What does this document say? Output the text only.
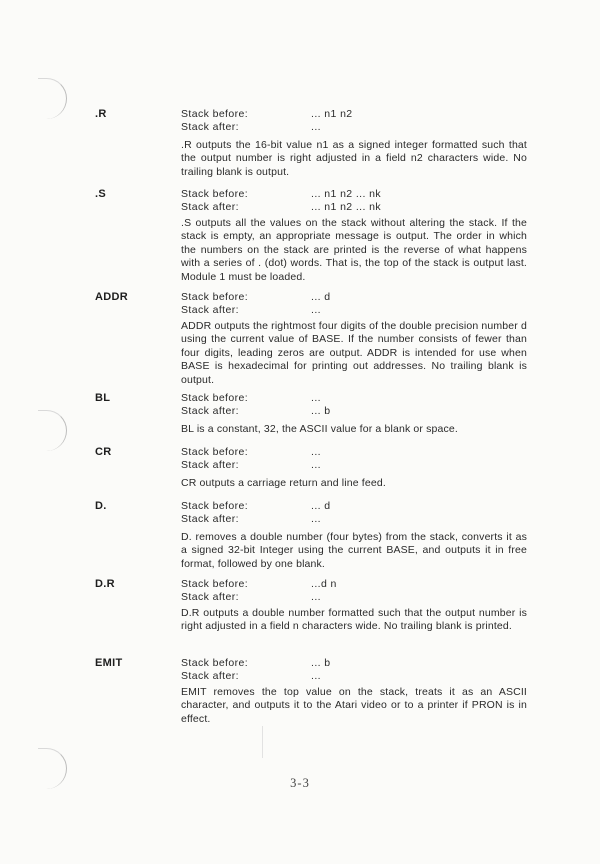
.R	Stack before:	... n1 n2
Stack after:	...

.R outputs the 16-bit value n1 as a signed integer formatted such that the output number is right adjusted in a field n2 characters wide. No trailing blank is output.

.S	Stack before:	... n1 n2 ... nk
Stack after:	... n1 n2 ... nk

.S outputs all the values on the stack without altering the stack. If the stack is empty, an appropriate message is output. The order in which the numbers on the stack are printed is the reverse of what happens with a series of . (dot) words. That is, the top of the stack is output last. Module 1 must be loaded.

ADDR	Stack before:	... d
Stack after:	...

ADDR outputs the rightmost four digits of the double precision number d using the current value of BASE. If the number consists of fewer than four digits, leading zeros are output. ADDR is intended for use when BASE is hexadecimal for printing out addresses. No trailing blank is output.

BL	Stack before:	...
Stack after:	... b

BL is a constant, 32, the ASCII value for a blank or space.

CR	Stack before:	...
Stack after:	...

CR outputs a carriage return and line feed.

D.	Stack before:	... d
Stack after:	...

D. removes a double number (four bytes) from the stack, converts it as a signed 32-bit Integer using the current BASE, and outputs it in free format, followed by one blank.

D.R	Stack before:	...d n
Stack after:	...

D.R outputs a double number formatted such that the output number is right adjusted in a field n characters wide. No trailing blank is printed.

EMIT	Stack before:	... b
Stack after:	...

EMIT removes the top value on the stack, treats it as an ASCII character, and outputs it to the Atari video or to a printer if PRON is in effect.

3-3
